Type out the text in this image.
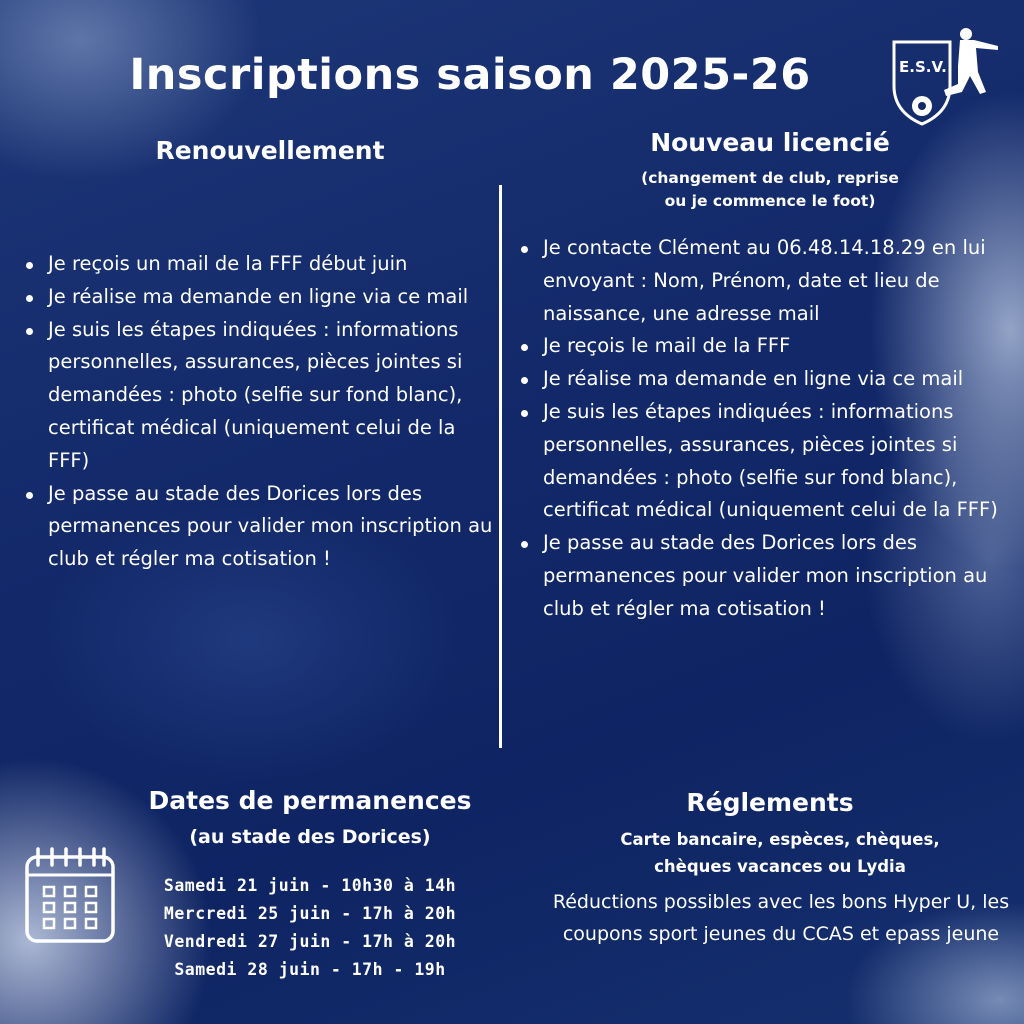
Inscriptions saison 2025-26	E.S.V.
Renouvellement
Je reçois un mail de la FFF début juin
Je réalise ma demande en ligne via ce mail
Je suis les étapes indiquées : informations personnelles, assurances, pièces jointes si demandées : photo (selfie sur fond blanc), certificat médical (uniquement celui de la FFF)
Je passe au stade des Dorices lors des permanences pour valider mon inscription au club et régler ma cotisation !
Nouveau licencié
(changement de club, reprise
ou je commence le foot)
Je contacte Clément au 06.48.14.18.29 en lui envoyant : Nom, Prénom, date et lieu de naissance, une adresse mail
Je reçois le mail de la FFF
Je réalise ma demande en ligne via ce mail
Je suis les étapes indiquées : informations personnelles, assurances, pièces jointes si demandées : photo (selfie sur fond blanc), certificat médical (uniquement celui de la FFF)
Je passe au stade des Dorices lors des permanences pour valider mon inscription au club et régler ma cotisation !
Dates de permanences
(au stade des Dorices)
Samedi 21 juin - 10h30 à 14h
Mercredi 25 juin - 17h à 20h
Vendredi 27 juin - 17h à 20h
Samedi 28 juin - 17h - 19h
Réglements
Carte bancaire, espèces, chèques,
chèques vacances ou Lydia
Réductions possibles avec les bons Hyper U, les coupons sport jeunes du CCAS et epass jeune
